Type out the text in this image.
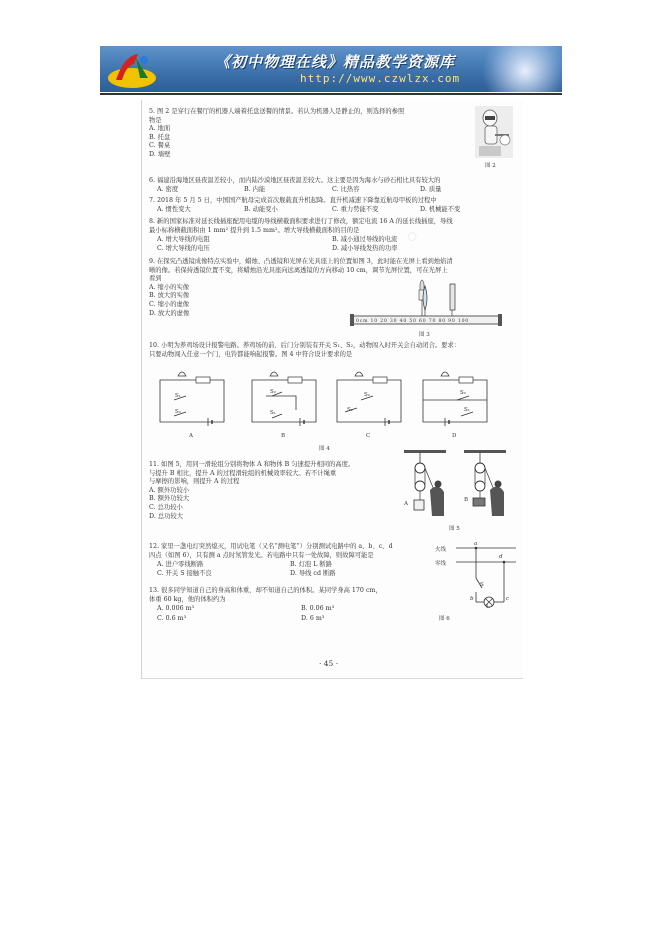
《初中物理在线》精品教学资源库
http://www.czwlzx.com
◦
5. 图 2 是穿行在餐厅的机器人端着托盘送餐的情景。若认为机器人是静止的，则选择的参照
物是
A. 地面
B. 托盘
C. 餐桌
D. 墙壁
图 2
6. 福建沿海地区昼夜温差较小，而内陆沙漠地区昼夜温差较大。这主要是因为海水与砂石相比具有较大的
A. 密度	B. 内能	C. 比热容	D. 质量
7. 2018 年 5 月 5 日，中国国产航母完成首次舰载直升机起降。直升机减速下降靠近航母甲板的过程中
A. 惯性变大	B. 动能变小	C. 重力势能不变	D. 机械能不变
8. 新的国家标准对延长线插座配用电缆的导线横截面积要求进行了修改，额定电流 16 A 的延长线插座，导线
最小标称横截面积由 1 mm² 提升到 1.5 mm²。增大导线横截面积的目的是
A. 增大导线的电阻	B. 减小通过导线的电流
C. 增大导线的电压	D. 减小导线发热的功率
9. 在探究凸透镜成像特点实验中，蜡烛、凸透镜和光屏在光具座上的位置如图 3，此时能在光屏上看到烛焰清
晰的像。若保持透镜位置不变，将蜡烛沿光具座向远离透镜的方向移动 10 cm，调节光屏位置，可在光屏上
看到
A. 缩小的实像
B. 放大的实像
C. 缩小的虚像
D. 放大的虚像
0cm 10 20 30 40 50 60 70 80 90 100
图 3
10. 小明为养鸡场设计报警电路。养鸡场的前、后门分别装有开关 S₁、S₂，动物闯入时开关会自动闭合。要求：
只要动物闯入任意一个门，电铃都能响起报警。图 4 中符合设计要求的是
S₁
S₂
S₂
S₁
S₂
S₁
S₂
S₁
A	B	C	D
图 4
11. 如图 5，用同一滑轮组分别将物体 A 和物体 B 匀速提升相同的高度。
与提升 B 相比，提升 A 的过程滑轮组的机械效率较大。若不计绳重
与摩擦的影响，则提升 A 的过程
A. 额外功较小
B. 额外功较大
C. 总功较小
D. 总功较大
A
B
图 5
12. 家里一盏电灯突然熄灭，用试电笔（又名“测电笔”）分别测试电路中的 a、b、c、d
四点（如图 6），只有测 a 点时氖管发光。若电路中只有一处故障，则故障可能是
A. 进户零线断路	B. 灯泡 L 断路
C. 开关 S 接触不良	D. 导线 cd 断路
火线
零线
a
d
S
b
L
c
图 6
13. 很多同学知道自己的身高和体重，却不知道自己的体积。某同学身高 170 cm，
体重 60 kg，他的体积约为
A. 0.006 m³	B. 0.06 m³
C. 0.6 m³	D. 6 m³
· 45 ·
